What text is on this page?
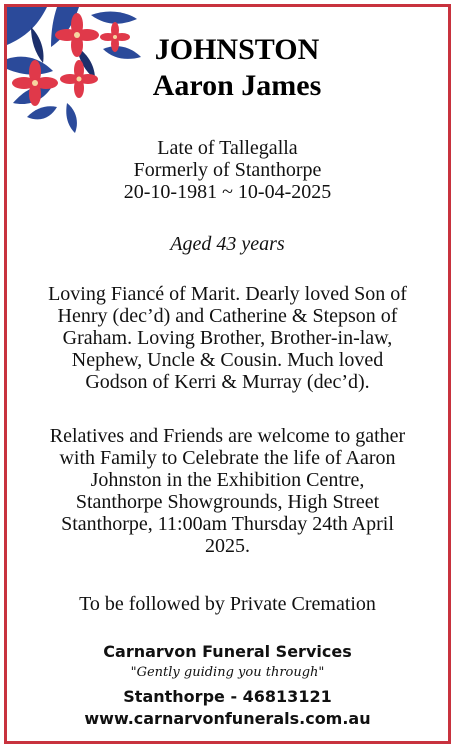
JOHNSTON
Aaron James
Late of Tallegalla
Formerly of Stanthorpe
20-10-1981 ~ 10-04-2025
Aged 43 years
Loving Fiancé of Marit. Dearly loved Son of
Henry (dec’d) and Catherine & Stepson of
Graham. Loving Brother, Brother-in-law,
Nephew, Uncle & Cousin. Much loved
Godson of Kerri & Murray (dec’d).
Relatives and Friends are welcome to gather
with Family to Celebrate the life of Aaron
Johnston in the Exhibition Centre,
Stanthorpe Showgrounds, High Street
Stanthorpe, 11:00am Thursday 24th April
2025.
To be followed by Private Cremation
Carnarvon Funeral Services
"Gently guiding you through"
Stanthorpe - 46813121
www.carnarvonfunerals.com.au
